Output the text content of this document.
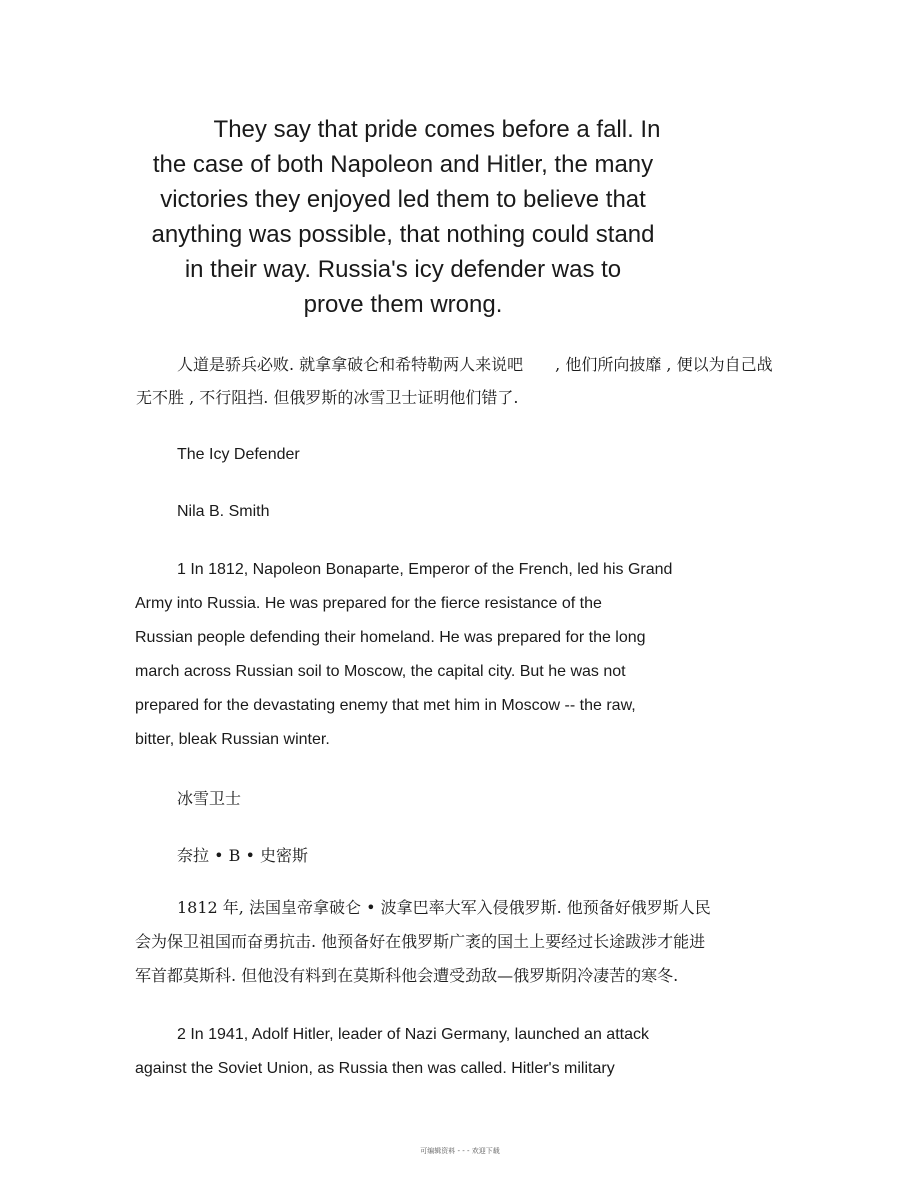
They say that pride comes before a fall. In
the case of both Napoleon and Hitler, the many
victories they enjoyed led them to believe that
anything was possible, that nothing could stand
in their way. Russia's icy defender was to
prove them wrong.

人道是骄兵必败. 就拿拿破仑和希特勒两人来说吧　　, 他们所向披靡 , 便以为自己战无不胜 , 不行阻挡. 但俄罗斯的冰雪卫士证明他们错了.

The Icy Defender

Nila B. Smith

1 In 1812, Napoleon Bonaparte, Emperor of the French, led his Grand
Army into Russia. He was prepared for the fierce resistance of the
Russian people defending their homeland. He was prepared for the long
march across Russian soil to Moscow, the capital city. But he was not
prepared for the devastating enemy that met him in Moscow -- the raw,
bitter, bleak Russian winter.

冰雪卫士

奈拉 • B • 史密斯

1812 年, 法国皇帝拿破仑 • 波拿巴率大军入侵俄罗斯. 他预备好俄罗斯人民
会为保卫祖国而奋勇抗击. 他预备好在俄罗斯广袤的国土上要经过长途跋涉才能进
军首都莫斯科. 但他没有料到在莫斯科他会遭受劲敌—俄罗斯阴冷凄苦的寒冬.
2 In 1941, Adolf Hitler, leader of Nazi Germany, launched an attack
against the Soviet Union, as Russia then was called. Hitler's military
可编辑资料 - - - 欢迎下载
